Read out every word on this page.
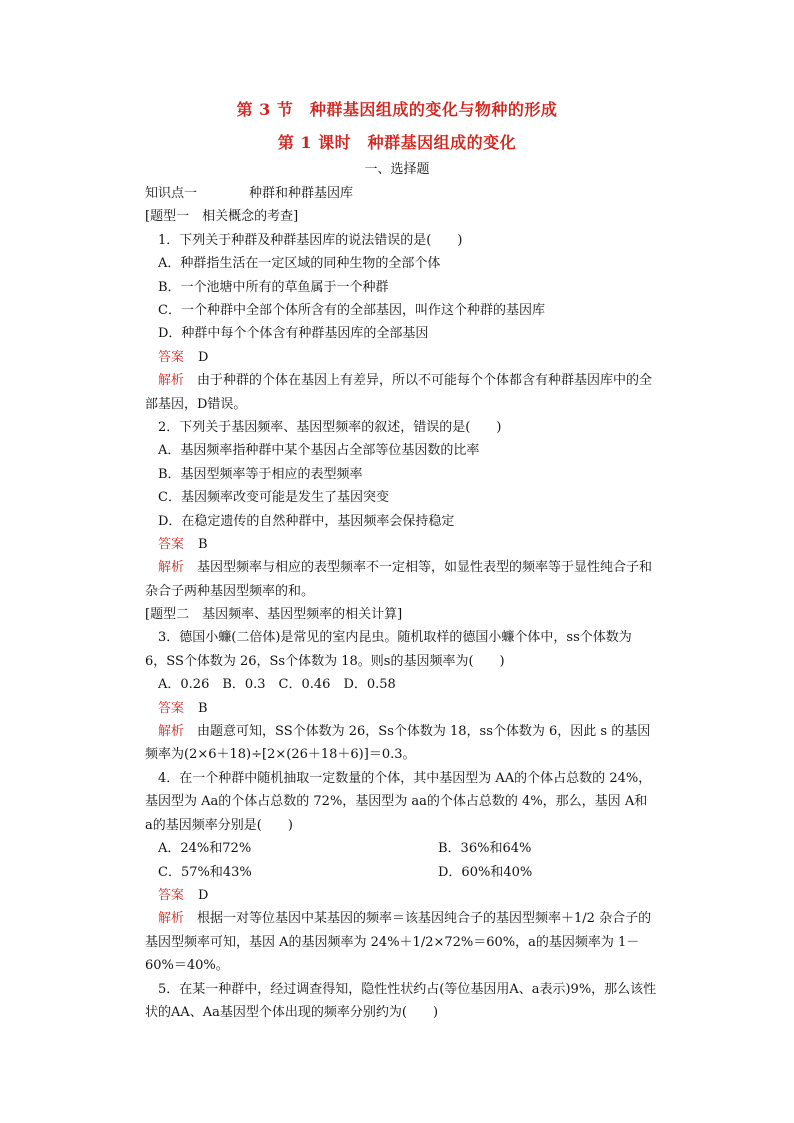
第 3 节　种群基因组成的变化与物种的形成
第 1 课时　种群基因组成的变化
一、选择题
知识点一	种群和种群基因库
[题型一　相关概念的考查]
1．下列关于种群及种群基因库的说法错误的是(　　)
A．种群指生活在一定区域的同种生物的全部个体
B．一个池塘中所有的草鱼属于一个种群
C．一个种群中全部个体所含有的全部基因，叫作这个种群的基因库
D．种群中每个个体含有种群基因库的全部基因
答案 D
解析　 由于种群的个体在基因上有差异，所以不可能每个个体都含有种群基因库中的全部基因，D错误。
2．下列关于基因频率、基因型频率的叙述，错误的是(　　)
A．基因频率指种群中某个基因占全部等位基因数的比率
B．基因型频率等于相应的表型频率
C．基因频率改变可能是发生了基因突变
D．在稳定遗传的自然种群中，基因频率会保持稳定
答案 B
解析　 基因型频率与相应的表型频率不一定相等，如显性表型的频率等于显性纯合子和杂合子两种基因型频率的和。
[题型二　基因频率、基因型频率的相关计算]
3．德国小蠊(二倍体)是常见的室内昆虫。随机取样的德国小蠊个体中，ss个体数为 6，SS个体数为 26，Ss个体数为 18。则s的基因频率为(　　)
A．0.26　B．0.3　C．0.46　D．0.58
答案 B
解析　 由题意可知，SS个体数为 26，Ss个体数为 18，ss个体数为 6，因此 s 的基因频率为(2×6＋18)÷[2×(26＋18＋6)]＝0.3。
4．在一个种群中随机抽取一定数量的个体，其中基因型为 AA的个体占总数的 24%，基因型为 Aa的个体占总数的 72%，基因型为 aa的个体占总数的 4%，那么，基因 A和 a的基因频率分别是(　　)
A．24%和72%	B．36%和64%
C．57%和43%	D．60%和40%
答案 D
解析　 根据一对等位基因中某基因的频率＝该基因纯合子的基因型频率＋1/2 杂合子的基因型频率可知，基因 A的基因频率为 24%＋1/2×72%＝60%，a的基因频率为 1－60%＝40%。
5．在某一种群中，经过调查得知，隐性性状约占(等位基因用A、a表示)9%，那么该性状的AA、Aa基因型个体出现的频率分别约为(　　)
